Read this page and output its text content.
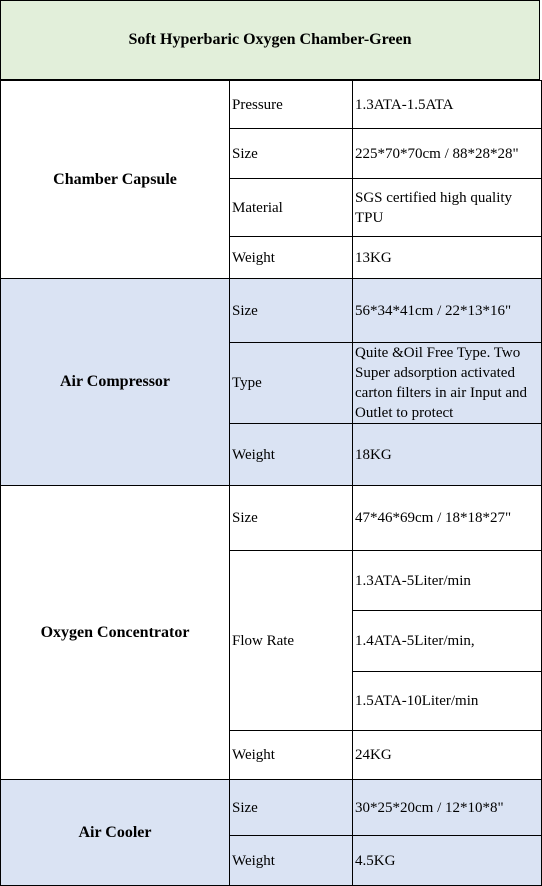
Soft Hyperbaric Oxygen Chamber-Green
Chamber Capsule	Pressure	1.3ATA-1.5ATA
	Size	225*70*70cm / 88*28*28"
	Material	SGS certified high quality TPU
	Weight	13KG
Air Compressor	Size	56*34*41cm / 22*13*16"
	Type	Quite &Oil Free Type. Two Super adsorption activated carton filters in air Input and Outlet to protect
	Weight	18KG
Oxygen Concentrator	Size	47*46*69cm / 18*18*27"
	Flow Rate	1.3ATA-5Liter/min
		1.4ATA-5Liter/min,
		1.5ATA-10Liter/min
	Weight	24KG
Air Cooler	Size	30*25*20cm / 12*10*8"
	Weight	4.5KG
